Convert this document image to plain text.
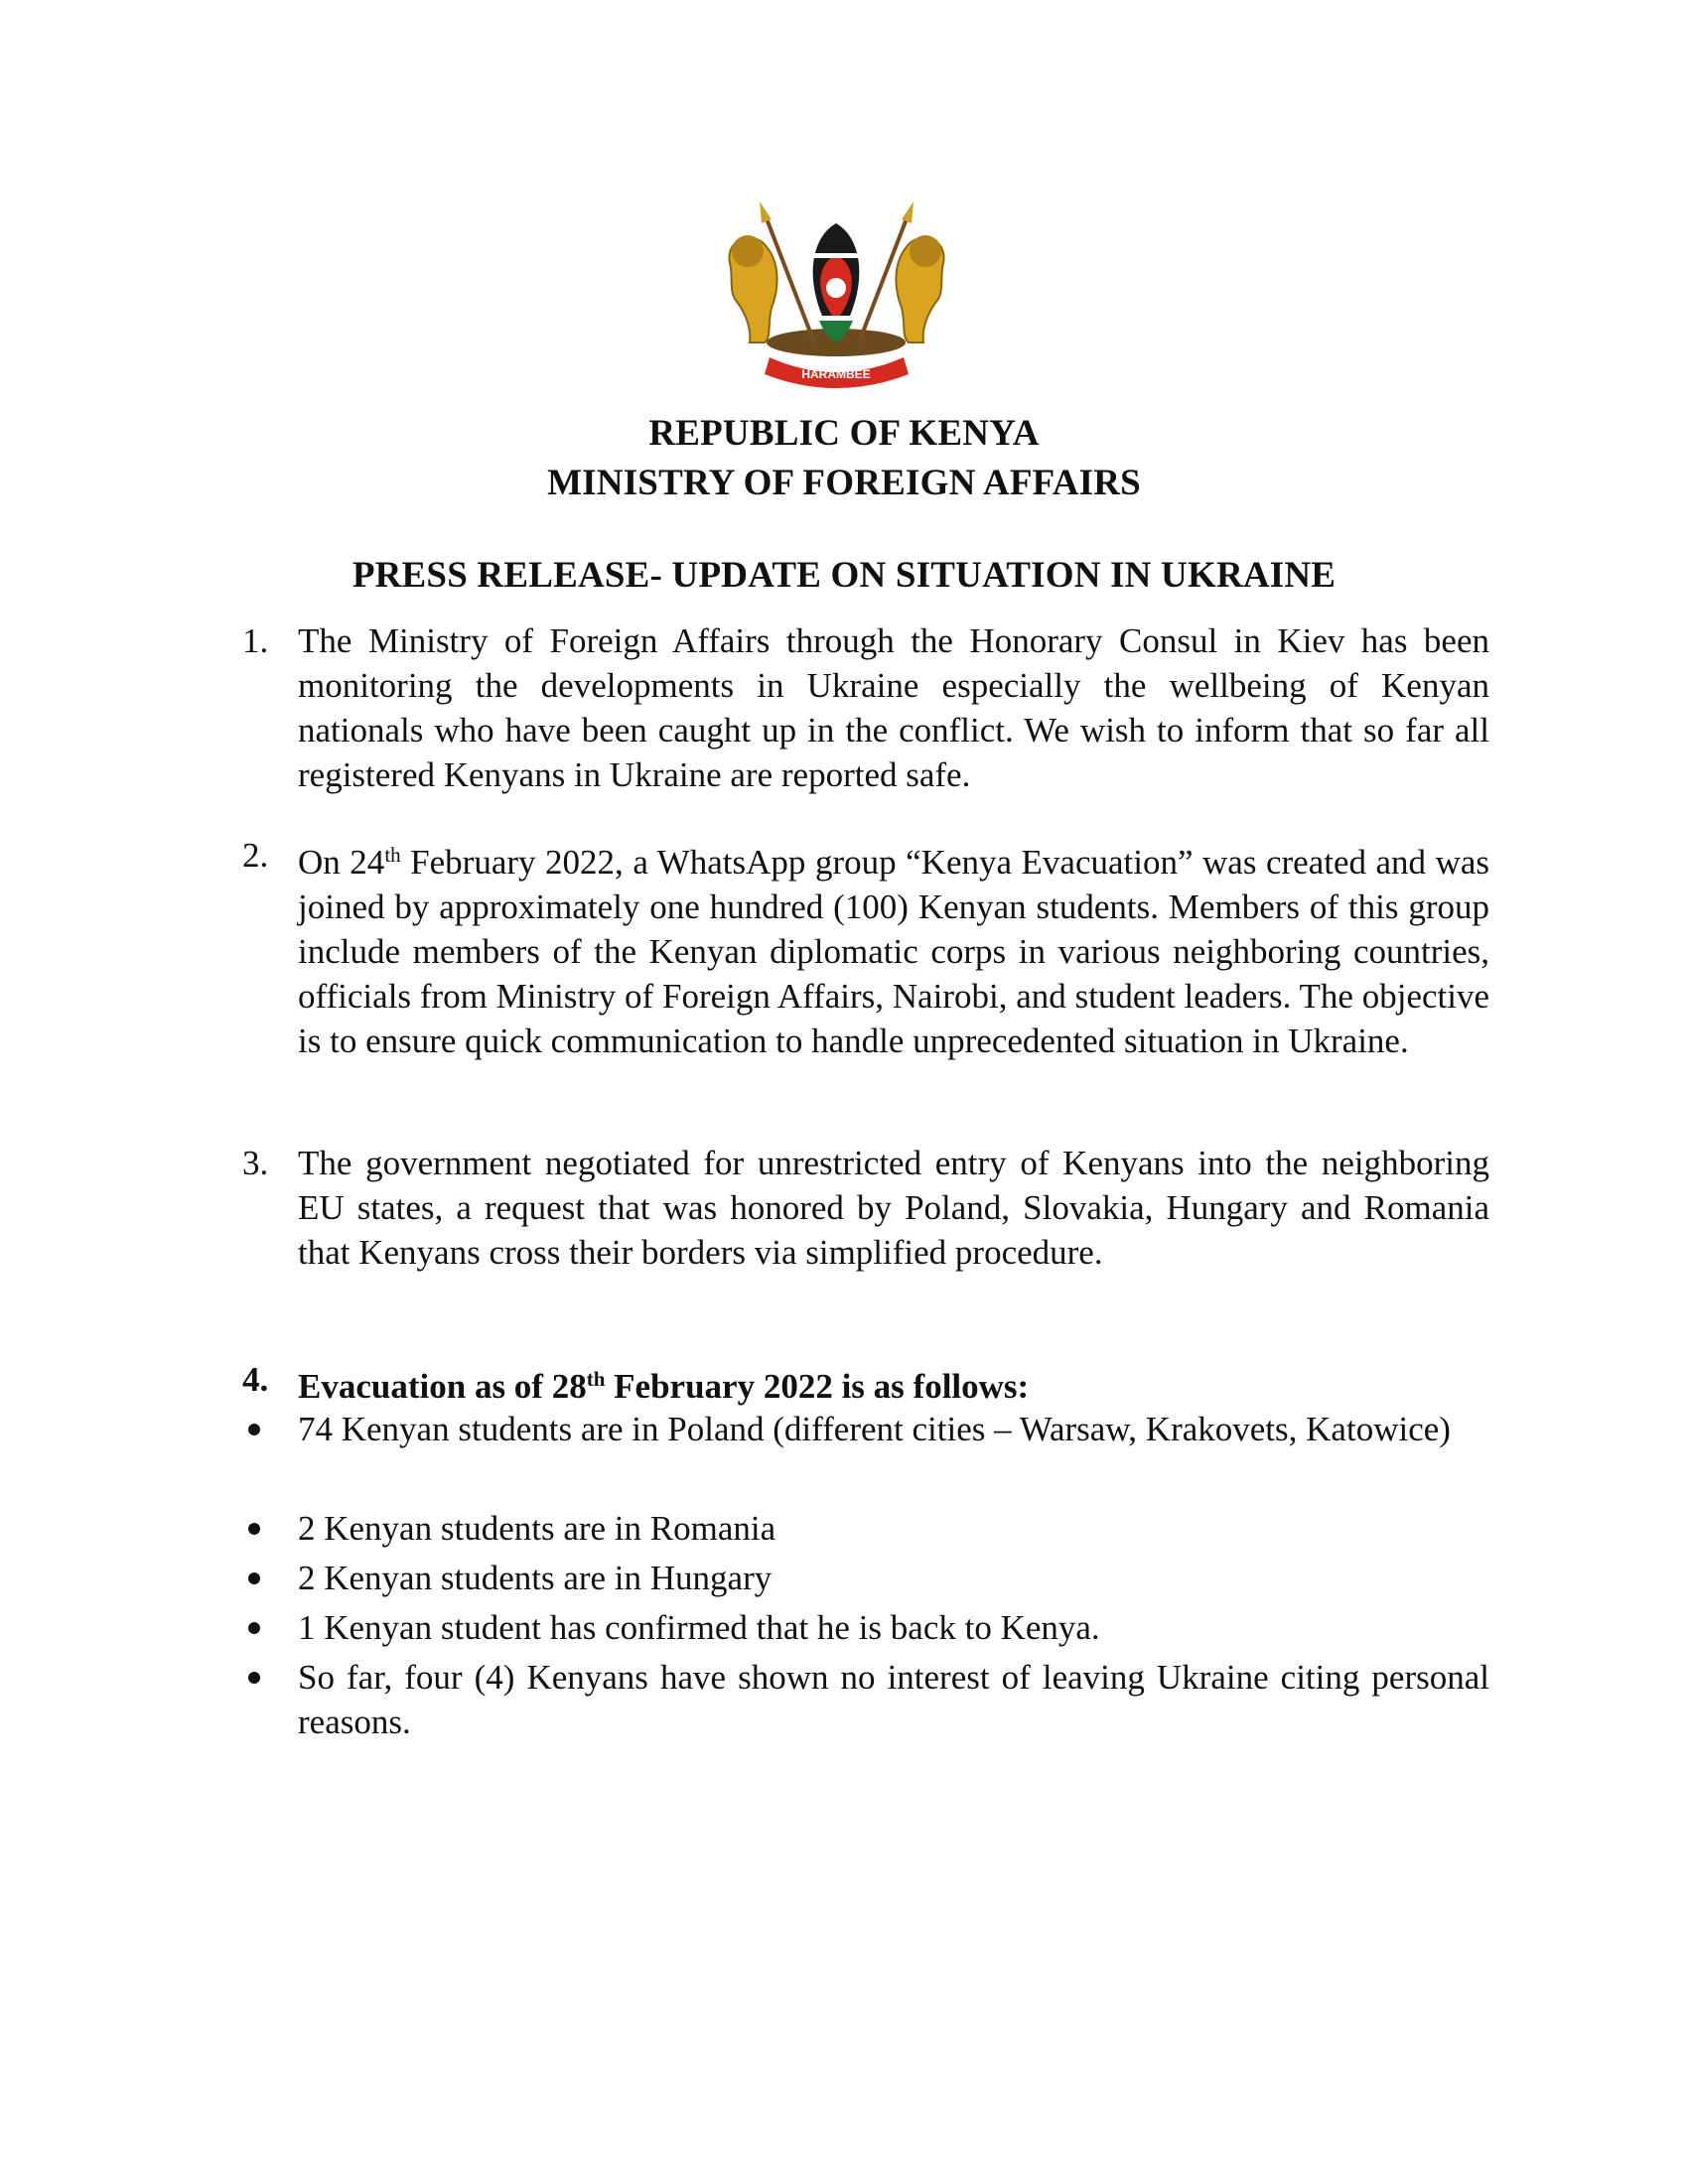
HARAMBEE
REPUBLIC OF KENYA
MINISTRY OF FOREIGN AFFAIRS
PRESS RELEASE- UPDATE ON SITUATION IN UKRAINE
1. The Ministry of Foreign Affairs through the Honorary Consul in Kiev has been monitoring the developments in Ukraine especially the wellbeing of Kenyan nationals who have been caught up in the conflict. We wish to inform that so far all registered Kenyans in Ukraine are reported safe.
2. On 24th February 2022, a WhatsApp group “Kenya Evacuation” was created and was joined by approximately one hundred (100) Kenyan students. Members of this group include members of the Kenyan diplomatic corps in various neighboring countries, officials from Ministry of Foreign Affairs, Nairobi, and student leaders. The objective is to ensure quick communication to handle unprecedented situation in Ukraine.
3. The government negotiated for unrestricted entry of Kenyans into the neighboring EU states, a request that was honored by Poland, Slovakia, Hungary and Romania that Kenyans cross their borders via simplified procedure.
4. Evacuation as of 28th February 2022 is as follows:
74 Kenyan students are in Poland (different cities – Warsaw, Krakovets, Katowice)
2 Kenyan students are in Romania
2 Kenyan students are in Hungary
1 Kenyan student has confirmed that he is back to Kenya.
So far, four (4) Kenyans have shown no interest of leaving Ukraine citing personal reasons.
